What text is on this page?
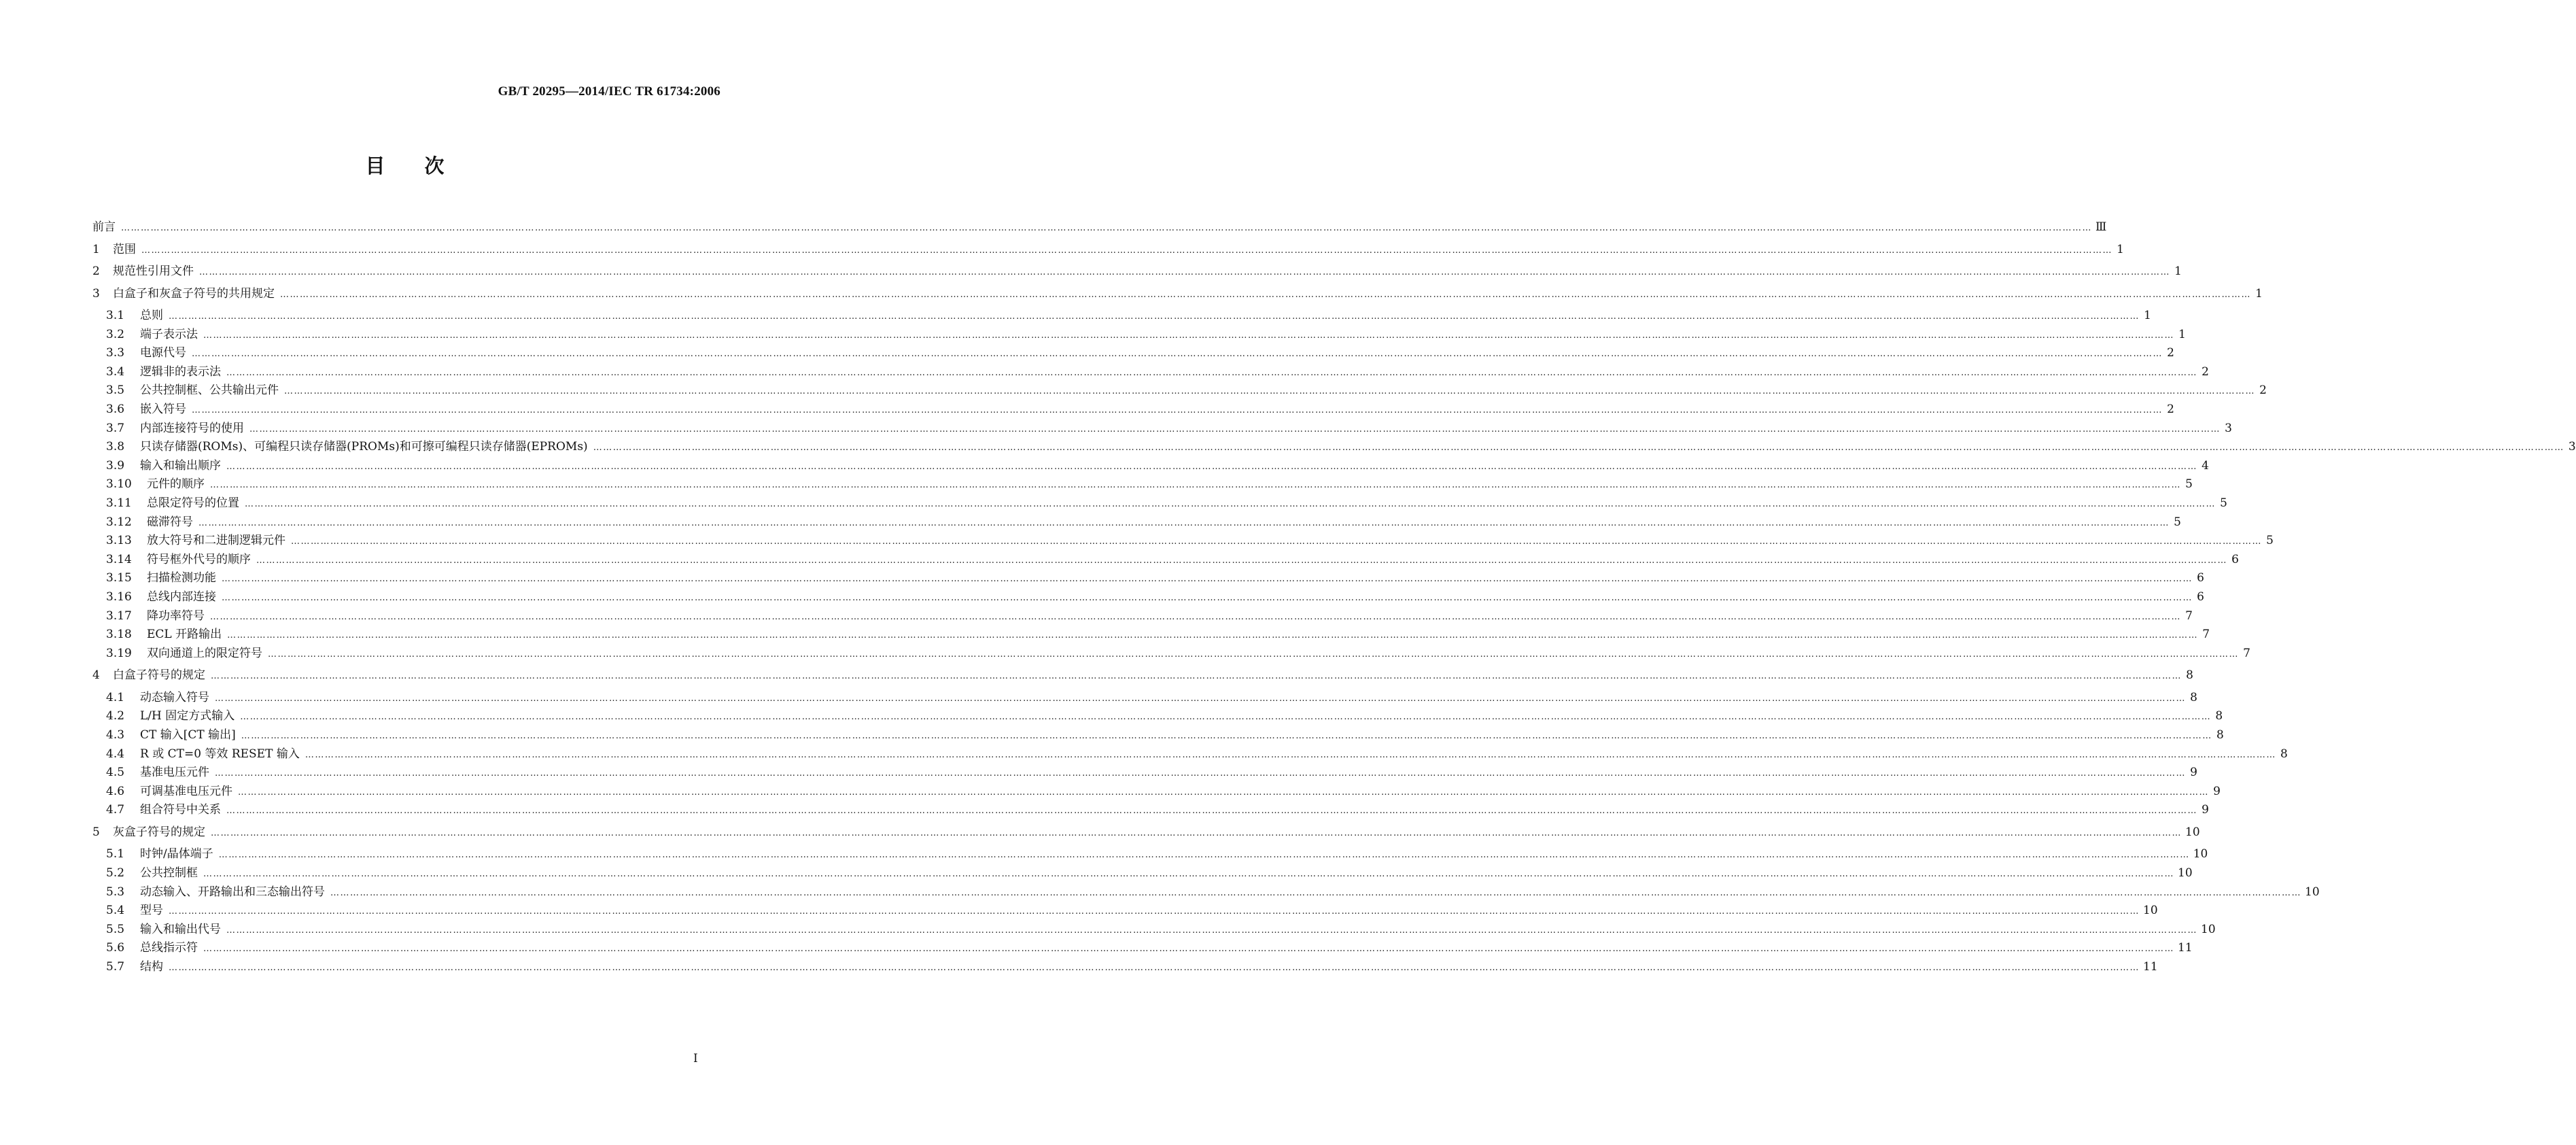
GB/T 20295—2014/IEC TR 61734:2006
目 次
前言 …………………………………………………………………………………………………………………………………………………………………………………………………………………………………………………………………………………………………………………………………………………………………………………………………………………………………………………………………………………………………………………………………………………… Ⅲ
1	范围 …………………………………………………………………………………………………………………………………………………………………………………………………………………………………………………………………………………………………………………………………………………………………………………………………………………………………………………………………………………………………………………………………………………… 1
2	规范性引用文件 …………………………………………………………………………………………………………………………………………………………………………………………………………………………………………………………………………………………………………………………………………………………………………………………………………………………………………………………………………………………………………………………………………………… 1
3	白盒子和灰盒子符号的共用规定 …………………………………………………………………………………………………………………………………………………………………………………………………………………………………………………………………………………………………………………………………………………………………………………………………………………………………………………………………………………………………………………………………………………… 1
3.1	总则 …………………………………………………………………………………………………………………………………………………………………………………………………………………………………………………………………………………………………………………………………………………………………………………………………………………………………………………………………………………………………………………………………………………… 1
3.2	端子表示法 …………………………………………………………………………………………………………………………………………………………………………………………………………………………………………………………………………………………………………………………………………………………………………………………………………………………………………………………………………………………………………………………………………………… 1
3.3	电源代号 …………………………………………………………………………………………………………………………………………………………………………………………………………………………………………………………………………………………………………………………………………………………………………………………………………………………………………………………………………………………………………………………………………………… 2
3.4	逻辑非的表示法 …………………………………………………………………………………………………………………………………………………………………………………………………………………………………………………………………………………………………………………………………………………………………………………………………………………………………………………………………………………………………………………………………………………… 2
3.5	公共控制框、公共输出元件 …………………………………………………………………………………………………………………………………………………………………………………………………………………………………………………………………………………………………………………………………………………………………………………………………………………………………………………………………………………………………………………………………………………… 2
3.6	嵌入符号 …………………………………………………………………………………………………………………………………………………………………………………………………………………………………………………………………………………………………………………………………………………………………………………………………………………………………………………………………………………………………………………………………………………… 2
3.7	内部连接符号的使用 …………………………………………………………………………………………………………………………………………………………………………………………………………………………………………………………………………………………………………………………………………………………………………………………………………………………………………………………………………………………………………………………………………………… 3
3.8	只读存储器(ROMs)、可编程只读存储器(PROMs)和可擦可编程只读存储器(EPROMs) …………………………………………………………………………………………………………………………………………………………………………………………………………………………………………………………………………………………………………………………………………………………………………………………………………………………………………………………………………………………………………………………………………………… 3
3.9	输入和输出顺序 …………………………………………………………………………………………………………………………………………………………………………………………………………………………………………………………………………………………………………………………………………………………………………………………………………………………………………………………………………………………………………………………………………………… 4
3.10	元件的顺序 …………………………………………………………………………………………………………………………………………………………………………………………………………………………………………………………………………………………………………………………………………………………………………………………………………………………………………………………………………………………………………………………………………………… 5
3.11	总限定符号的位置 …………………………………………………………………………………………………………………………………………………………………………………………………………………………………………………………………………………………………………………………………………………………………………………………………………………………………………………………………………………………………………………………………………………… 5
3.12	磁滞符号 …………………………………………………………………………………………………………………………………………………………………………………………………………………………………………………………………………………………………………………………………………………………………………………………………………………………………………………………………………………………………………………………………………………… 5
3.13	放大符号和二进制逻辑元件 …………………………………………………………………………………………………………………………………………………………………………………………………………………………………………………………………………………………………………………………………………………………………………………………………………………………………………………………………………………………………………………………………………………… 5
3.14	符号框外代号的顺序 …………………………………………………………………………………………………………………………………………………………………………………………………………………………………………………………………………………………………………………………………………………………………………………………………………………………………………………………………………………………………………………………………………………… 6
3.15	扫描检测功能 …………………………………………………………………………………………………………………………………………………………………………………………………………………………………………………………………………………………………………………………………………………………………………………………………………………………………………………………………………………………………………………………………………………… 6
3.16	总线内部连接 …………………………………………………………………………………………………………………………………………………………………………………………………………………………………………………………………………………………………………………………………………………………………………………………………………………………………………………………………………………………………………………………………………………… 6
3.17	降功率符号 …………………………………………………………………………………………………………………………………………………………………………………………………………………………………………………………………………………………………………………………………………………………………………………………………………………………………………………………………………………………………………………………………………………… 7
3.18	ECL 开路输出 …………………………………………………………………………………………………………………………………………………………………………………………………………………………………………………………………………………………………………………………………………………………………………………………………………………………………………………………………………………………………………………………………………………… 7
3.19	双向通道上的限定符号 …………………………………………………………………………………………………………………………………………………………………………………………………………………………………………………………………………………………………………………………………………………………………………………………………………………………………………………………………………………………………………………………………………………… 7
4	白盒子符号的规定 …………………………………………………………………………………………………………………………………………………………………………………………………………………………………………………………………………………………………………………………………………………………………………………………………………………………………………………………………………………………………………………………………………………… 8
4.1	动态输入符号 …………………………………………………………………………………………………………………………………………………………………………………………………………………………………………………………………………………………………………………………………………………………………………………………………………………………………………………………………………………………………………………………………………………… 8
4.2	L/H 固定方式输入 …………………………………………………………………………………………………………………………………………………………………………………………………………………………………………………………………………………………………………………………………………………………………………………………………………………………………………………………………………………………………………………………………………………… 8
4.3	CT 输入[CT 输出] …………………………………………………………………………………………………………………………………………………………………………………………………………………………………………………………………………………………………………………………………………………………………………………………………………………………………………………………………………………………………………………………………………………… 8
4.4	R 或 CT=0 等效 RESET 输入 …………………………………………………………………………………………………………………………………………………………………………………………………………………………………………………………………………………………………………………………………………………………………………………………………………………………………………………………………………………………………………………………………………………… 8
4.5	基准电压元件 …………………………………………………………………………………………………………………………………………………………………………………………………………………………………………………………………………………………………………………………………………………………………………………………………………………………………………………………………………………………………………………………………………………… 9
4.6	可调基准电压元件 …………………………………………………………………………………………………………………………………………………………………………………………………………………………………………………………………………………………………………………………………………………………………………………………………………………………………………………………………………………………………………………………………………………… 9
4.7	组合符号中关系 …………………………………………………………………………………………………………………………………………………………………………………………………………………………………………………………………………………………………………………………………………………………………………………………………………………………………………………………………………………………………………………………………………………… 9
5	灰盒子符号的规定 …………………………………………………………………………………………………………………………………………………………………………………………………………………………………………………………………………………………………………………………………………………………………………………………………………………………………………………………………………………………………………………………………………………… 10
5.1	时钟/晶体端子 …………………………………………………………………………………………………………………………………………………………………………………………………………………………………………………………………………………………………………………………………………………………………………………………………………………………………………………………………………………………………………………………………………………… 10
5.2	公共控制框 …………………………………………………………………………………………………………………………………………………………………………………………………………………………………………………………………………………………………………………………………………………………………………………………………………………………………………………………………………………………………………………………………………………… 10
5.3	动态输入、开路输出和三态输出符号 …………………………………………………………………………………………………………………………………………………………………………………………………………………………………………………………………………………………………………………………………………………………………………………………………………………………………………………………………………………………………………………………………………………… 10
5.4	型号 …………………………………………………………………………………………………………………………………………………………………………………………………………………………………………………………………………………………………………………………………………………………………………………………………………………………………………………………………………………………………………………………………………………… 10
5.5	输入和输出代号 …………………………………………………………………………………………………………………………………………………………………………………………………………………………………………………………………………………………………………………………………………………………………………………………………………………………………………………………………………………………………………………………………………………… 10
5.6	总线指示符 …………………………………………………………………………………………………………………………………………………………………………………………………………………………………………………………………………………………………………………………………………………………………………………………………………………………………………………………………………………………………………………………………………………… 11
5.7	结构 …………………………………………………………………………………………………………………………………………………………………………………………………………………………………………………………………………………………………………………………………………………………………………………………………………………………………………………………………………………………………………………………………………………… 11
I
